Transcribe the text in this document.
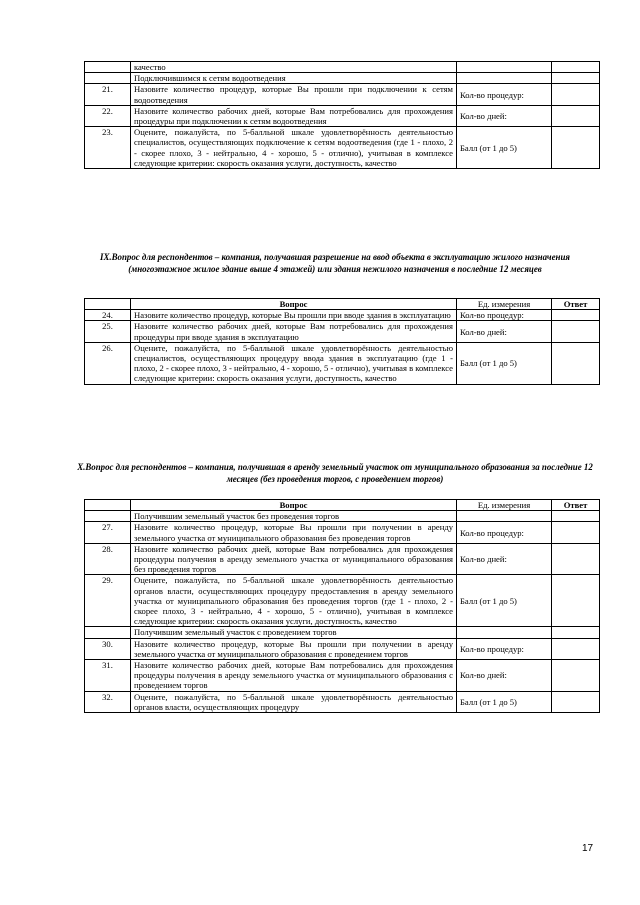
	качество		
	Подключившимся к сетям водоотведения		
21.	Назовите количество процедур, которые Вы прошли при подключении к сетям водоотведения	Кол-во процедур:	
22.	Назовите количество рабочих дней, которые Вам потребовались для прохождения процедуры при подключении к сетям водоотведения	Кол-во дней:	
23.	Оцените, пожалуйста, по 5-балльной шкале удовлетворённость деятельностью специалистов, осуществляющих подключение к сетям водоотведения (где 1 - плохо, 2 - скорее плохо, 3 - нейтрально, 4 - хорошо, 5 - отлично), учитывая в комплексе следующие критерии: скорость оказания услуги, доступность, качество	Балл (от 1 до 5)	
IX.Вопрос для респондентов – компания, получавшая разрешение на ввод объекта в эксплуатацию жилого назначения (многоэтажное жилое здание выше 4 этажей) или здания нежилого назначения в последние 12 месяцев
	Вопрос	Ед. измерения	Ответ
24.	Назовите количество процедур, которые Вы прошли при вводе здания в эксплуатацию	Кол-во процедур:	
25.	Назовите количество рабочих дней, которые Вам потребовались для прохождения процедуры при вводе здания в эксплуатацию	Кол-во дней:	
26.	Оцените, пожалуйста, по 5-балльной шкале удовлетворённость деятельностью специалистов, осуществляющих процедуру ввода здания в эксплуатацию (где 1 - плохо, 2 - скорее плохо, 3 - нейтрально, 4 - хорошо, 5 - отлично), учитывая в комплексе следующие критерии: скорость оказания услуги, доступность, качество	Балл (от 1 до 5)	
X.Вопрос для респондентов – компания, получившая в аренду земельный участок от муниципального образования за последние 12 месяцев (без проведения торгов, с проведением торгов)
	Вопрос	Ед. измерения	Ответ
	Получившим земельный участок без проведения торгов		
27.	Назовите количество процедур, которые Вы прошли при получении в аренду земельного участка от муниципального образования без проведения торгов	Кол-во процедур:	
28.	Назовите количество рабочих дней, которые Вам потребовались для прохождения процедуры получения в аренду земельного участка от муниципального образования без проведения торгов	Кол-во дней:	
29.	Оцените, пожалуйста, по 5-балльной шкале удовлетворённость деятельностью органов власти, осуществляющих процедуру предоставления в аренду земельного участка от муниципального образования без проведения торгов (где 1 - плохо, 2 - скорее плохо, 3 - нейтрально, 4 - хорошо, 5 - отлично), учитывая в комплексе следующие критерии: скорость оказания услуги, доступность, качество	Балл (от 1 до 5)	
	Получившим земельный участок с проведением торгов		
30.	Назовите количество процедур, которые Вы прошли при получении в аренду земельного участка от муниципального образования с проведением торгов	Кол-во процедур:	
31.	Назовите количество рабочих дней, которые Вам потребовались для прохождения процедуры получения в аренду земельного участка от муниципального образования с проведением торгов	Кол-во дней:	
32.	Оцените, пожалуйста, по 5-балльной шкале удовлетворённость деятельностью органов власти, осуществляющих процедуру	Балл (от 1 до 5)	
17
